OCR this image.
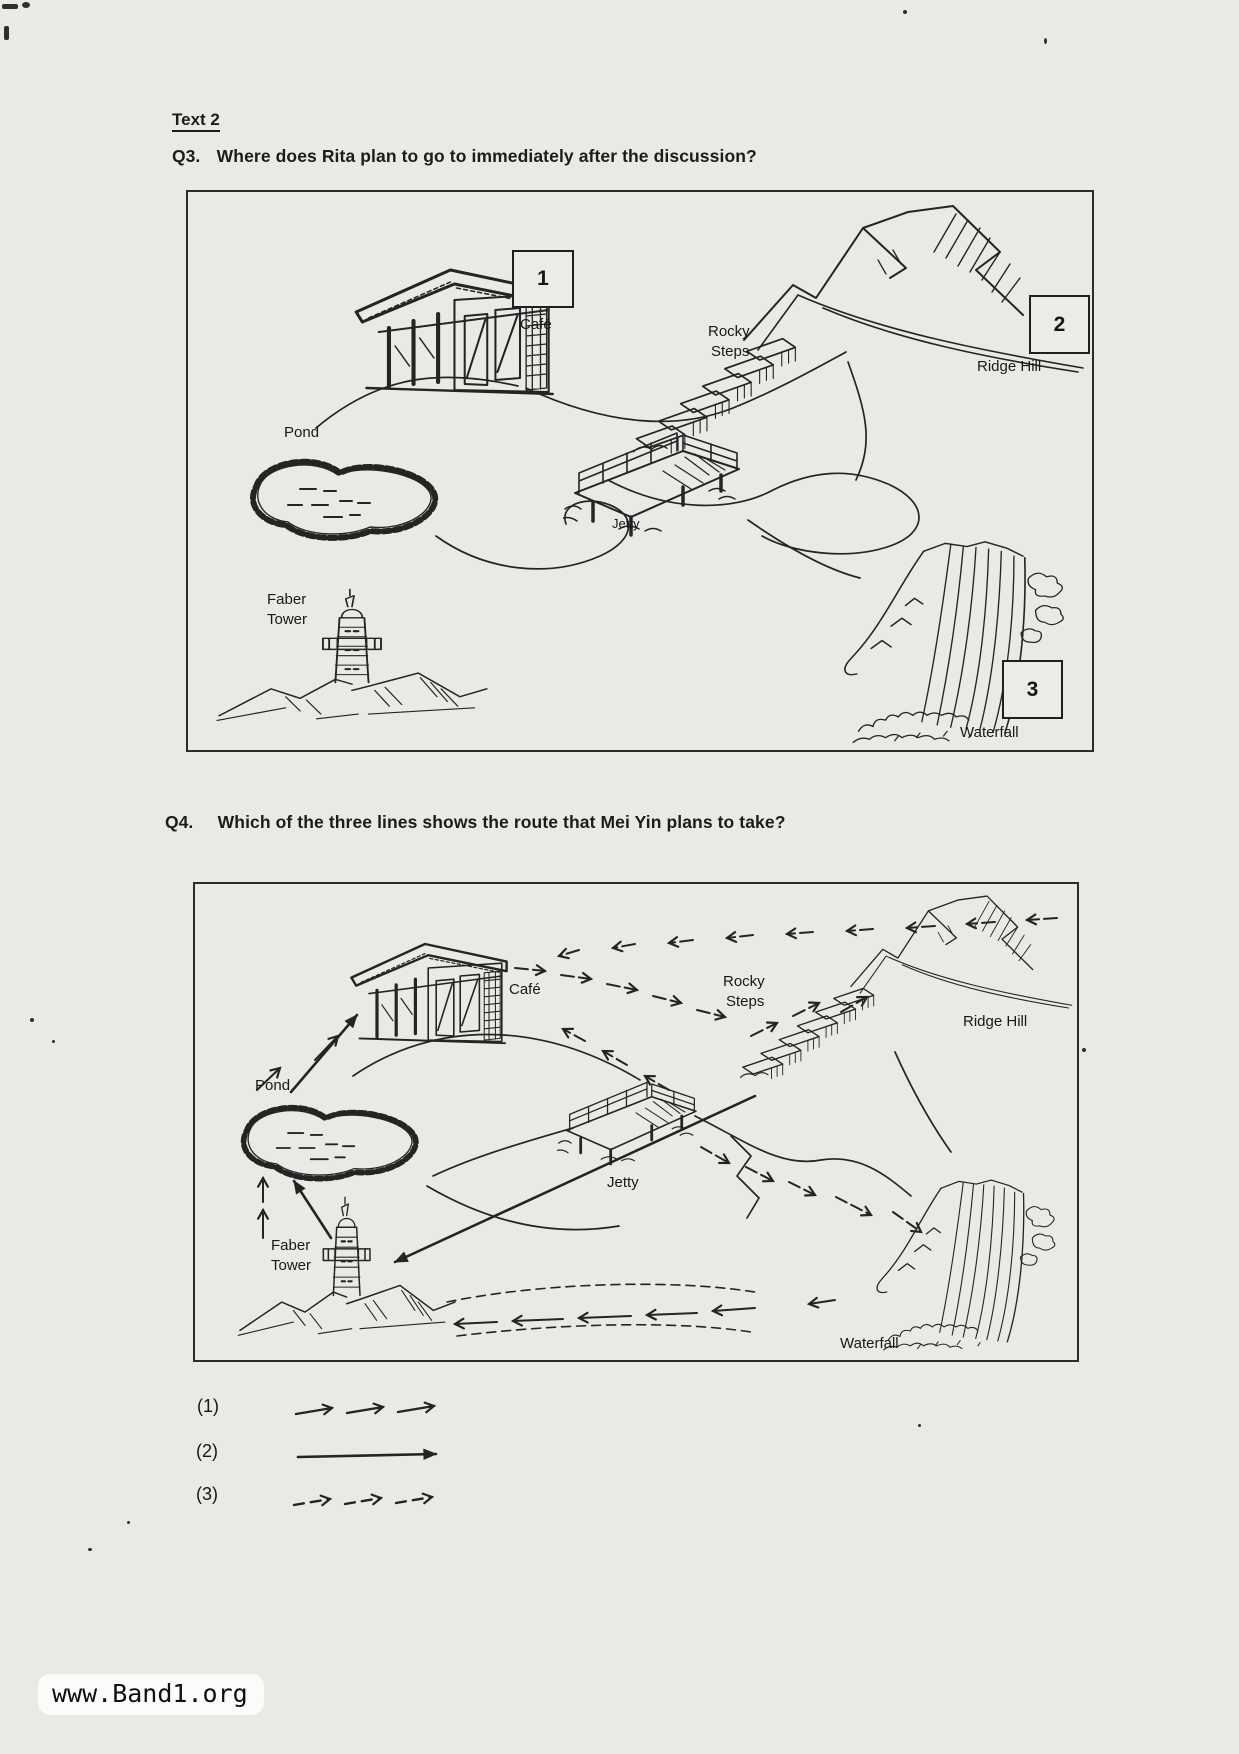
Text 2
Q3. Where does Rita plan to go to immediately after the discussion?
1
2
3
Café	Rocky
Steps
Ridge Hill
Pond
Jetty
Faber
Tower
Waterfall
Q4. Which of the three lines shows the route that Mei Yin plans to take?
Café	Rocky
Steps
Ridge Hill
Pond
Jetty
Faber
Tower
Waterfall
(1)
(2)
(3)
www.Band1.org
